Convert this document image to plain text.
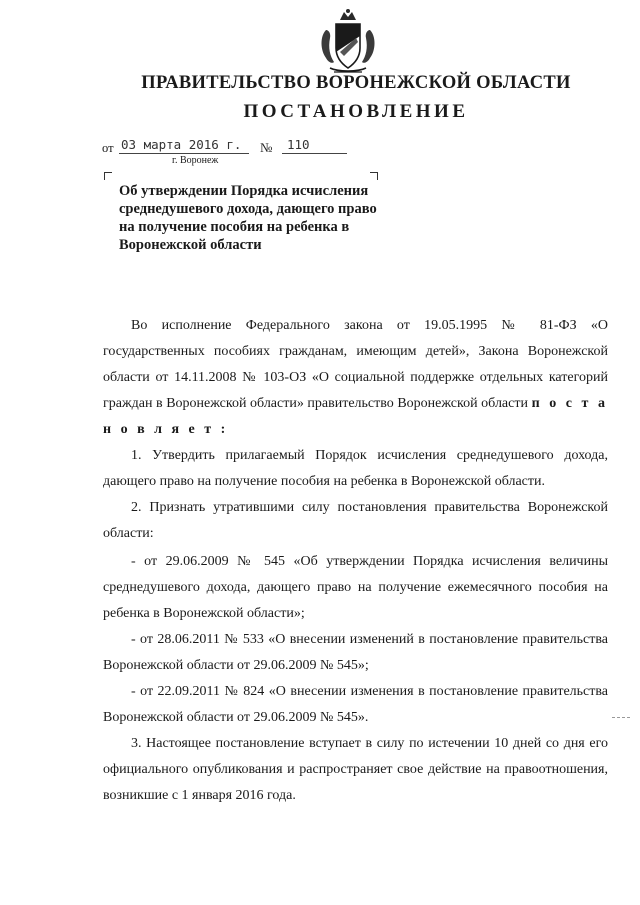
ПРАВИТЕЛЬСТВО ВОРОНЕЖСКОЙ ОБЛАСТИ
ПОСТАНОВЛЕНИЕ
от 03 марта 2016 г.	№	110
г. Воронеж
Об утверждении Порядка исчисления среднедушевого дохода, дающего право на получение пособия на ребенка в Воронежской области

Во исполнение Федерального закона от 19.05.1995 № 81-ФЗ «О государственных пособиях гражданам, имеющим детей», Закона Воронежской области от 14.11.2008 № 103-ОЗ «О социальной поддержке отдельных категорий граждан в Воронежской области» правительство Воронежской области п о с т а н о в л я е т :

1. Утвердить прилагаемый Порядок исчисления среднедушевого дохода, дающего право на получение пособия на ребенка в Воронежской области.

2. Признать утратившими силу постановления правительства Воронежской области:

- от 29.06.2009 № 545 «Об утверждении Порядка исчисления величины среднедушевого дохода, дающего право на получение ежемесячного пособия на ребенка в Воронежской области»;

- от 28.06.2011 № 533 «О внесении изменений в постановление правительства Воронежской области от 29.06.2009 № 545»;

- от 22.09.2011 № 824 «О внесении изменения в постановление правительства Воронежской области от 29.06.2009 № 545».

3. Настоящее постановление вступает в силу по истечении 10 дней со дня его официального опубликования и распространяет свое действие на правоотношения, возникшие с 1 января 2016 года.
